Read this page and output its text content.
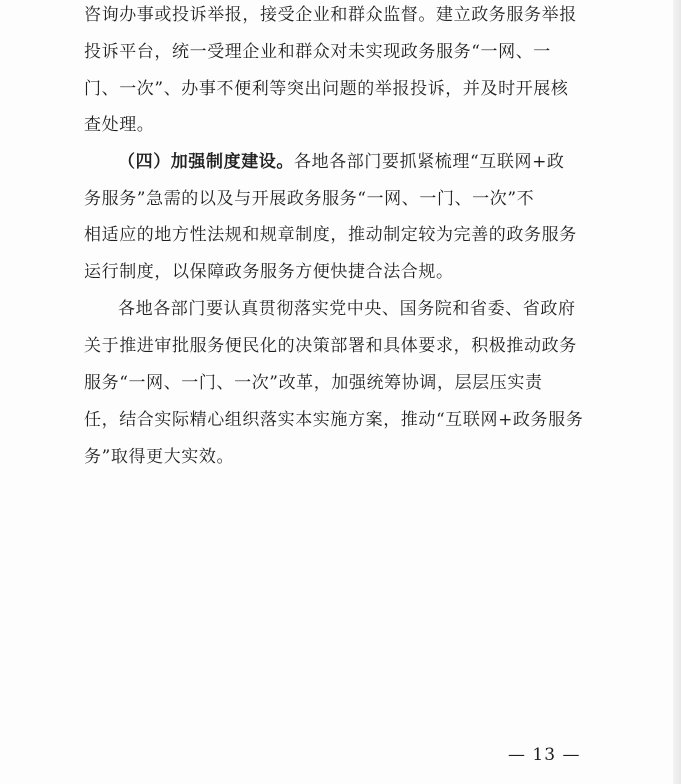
咨询办事或投诉举报，接受企业和群众监督。建立政务服务举报
投诉平台，统一受理企业和群众对未实现政务服务“一网、一
门、一次”、办事不便利等突出问题的举报投诉，并及时开展核
查处理。
（四）加强制度建设。各地各部门要抓紧梳理“互联网+政
务服务”急需的以及与开展政务服务“一网、一门、一次”不
相适应的地方性法规和规章制度，推动制定较为完善的政务服务
运行制度，以保障政务服务方便快捷合法合规。
各地各部门要认真贯彻落实党中央、国务院和省委、省政府
关于推进审批服务便民化的决策部署和具体要求，积极推动政务
服务“一网、一门、一次”改革，加强统筹协调，层层压实责
任，结合实际精心组织落实本实施方案，推动“互联网+政务服务
务”取得更大实效。
— 13 —
